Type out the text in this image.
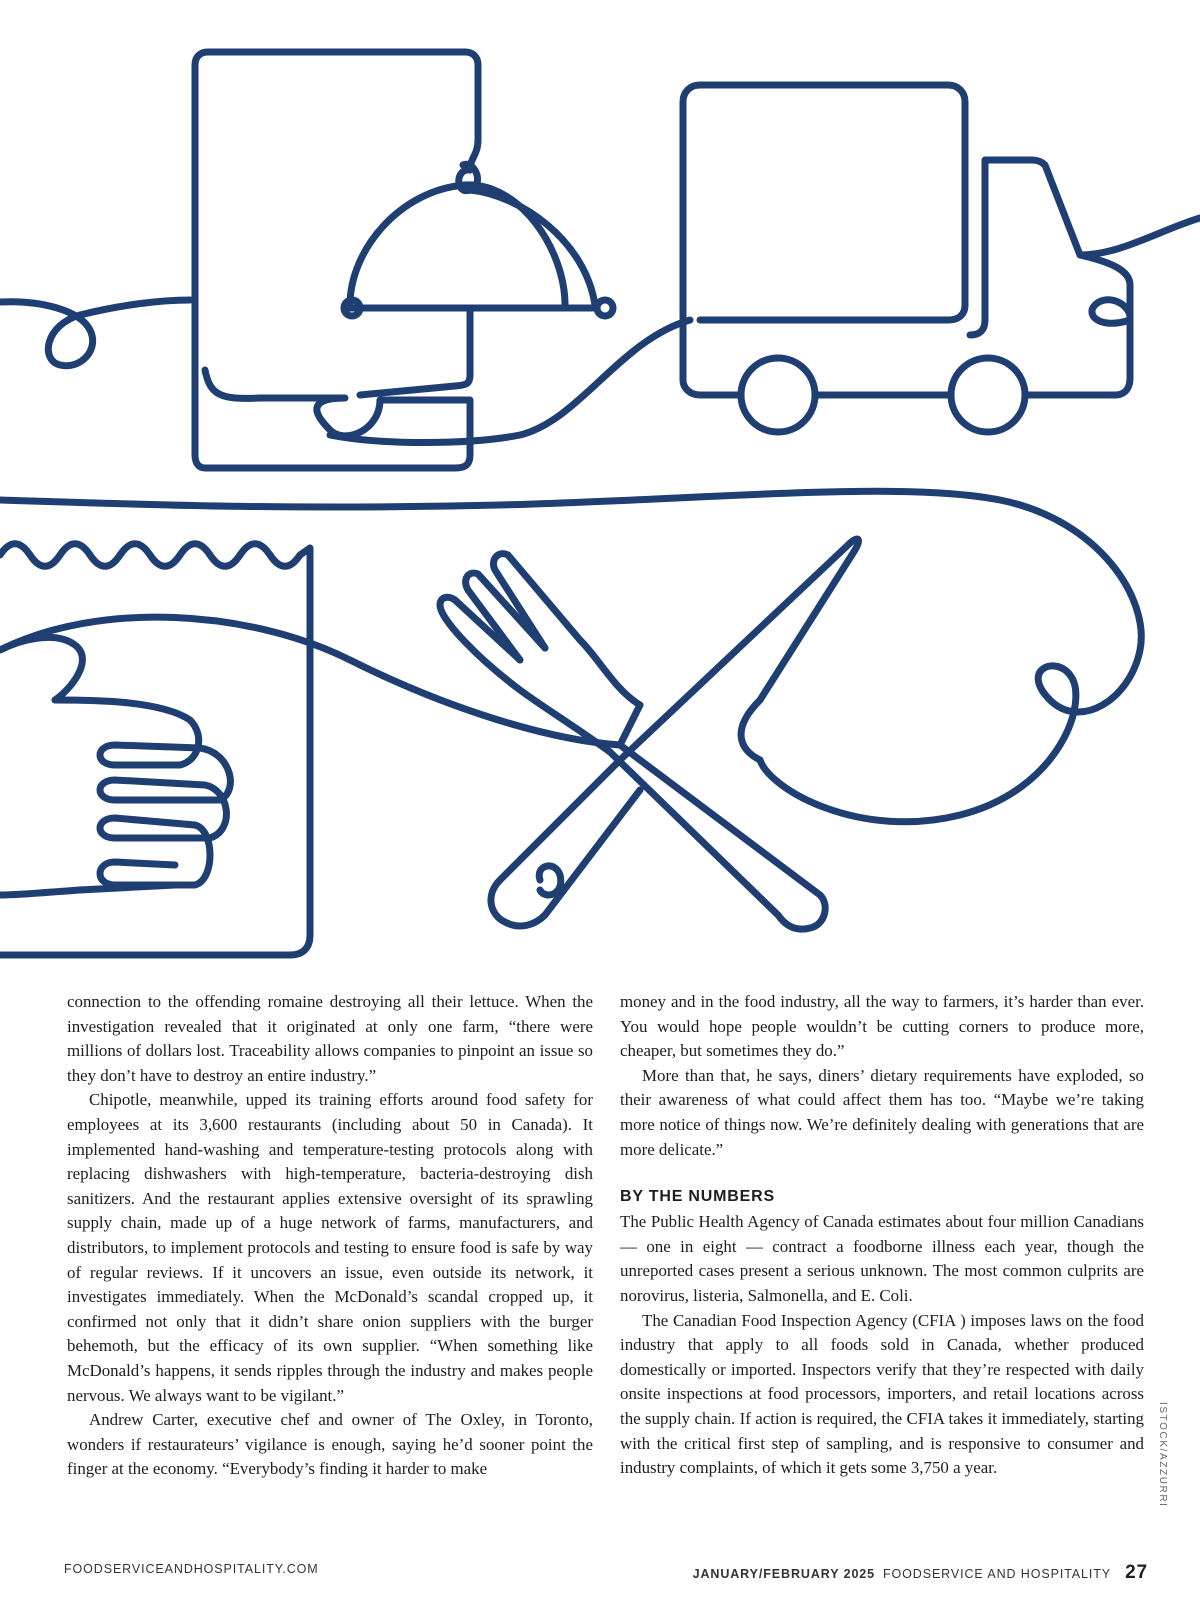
connection to the offending romaine destroying all their lettuce. When the investigation revealed that it originated at only one farm, “there were millions of dollars lost. Traceability allows companies to pinpoint an issue so they don’t have to destroy an entire industry.”

Chipotle, meanwhile, upped its training efforts around food safety for employees at its 3,600 restaurants (including about 50 in Canada). It implemented hand-washing and temperature-testing protocols along with replacing dishwashers with high-temperature, bacteria-destroying dish sanitizers. And the restaurant applies extensive oversight of its sprawling supply chain, made up of a huge network of farms, manufacturers, and distributors, to implement protocols and testing to ensure food is safe by way of regular reviews. If it uncovers an issue, even outside its network, it investigates immediately. When the McDonald’s scandal cropped up, it confirmed not only that it didn’t share onion suppliers with the burger behemoth, but the efficacy of its own supplier. “When something like McDonald’s happens, it sends ripples through the industry and makes people nervous. We always want to be vigilant.”

Andrew Carter, executive chef and owner of The Oxley, in Toronto, wonders if restaurateurs’ vigilance is enough, saying he’d sooner point the finger at the economy. “Everybody’s finding it harder to make

money and in the food industry, all the way to farmers, it’s harder than ever. You would hope people wouldn’t be cutting corners to produce more, cheaper, but sometimes they do.”

More than that, he says, diners’ dietary requirements have exploded, so their awareness of what could affect them has too. “Maybe we’re taking more notice of things now. We’re definitely dealing with generations that are more delicate.”

BY THE NUMBERS

The Public Health Agency of Canada estimates about four million Canadians — one in eight — contract a foodborne illness each year, though the unreported cases present a serious unknown. The most common culprits are norovirus, listeria, Salmonella, and E. Coli.

The Canadian Food Inspection Agency (CFIA ) imposes laws on the food industry that apply to all foods sold in Canada, whether produced domestically or imported. Inspectors verify that they’re respected with daily onsite inspections at food processors, importers, and retail locations across the supply chain. If action is required, the CFIA takes it immediately, starting with the critical first step of sampling, and is responsive to consumer and industry complaints, of which it gets some 3,750 a year.	ISTOCK/AZZURRI
FOODSERVICEANDHOSPITALITY.COM	JANUARY/FEBRUARY 2025 FOODSERVICE AND HOSPITALITY 27
